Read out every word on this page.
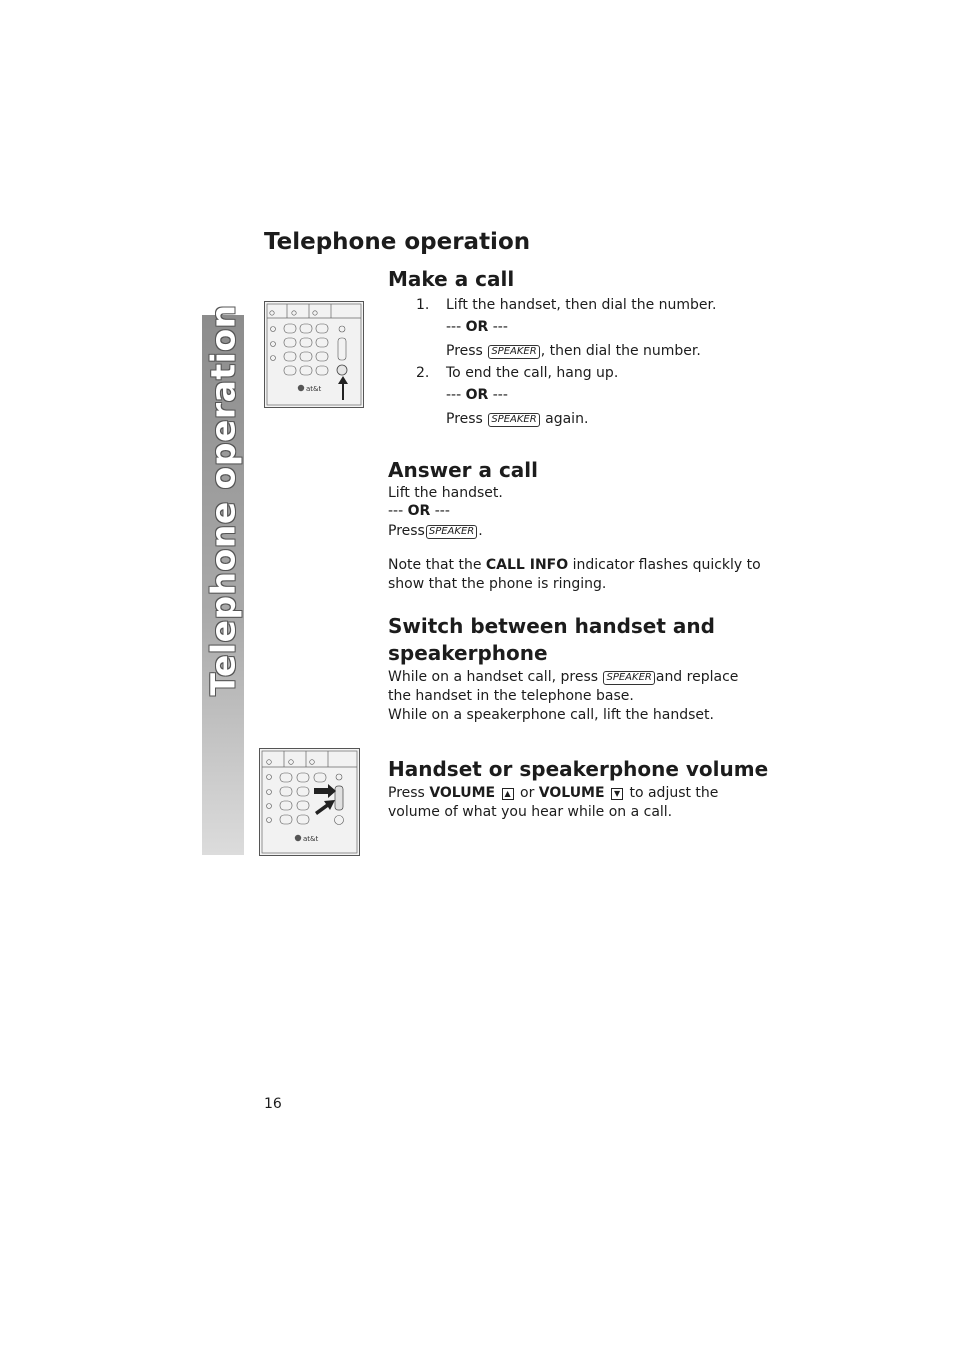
Telephone operation
Telephone operation
at&t
Make a call
1. Lift the handset, then dial the number.
--- OR ---
Press SPEAKER , then dial the number.
2. To end the call, hang up.
--- OR ---
Press SPEAKER again.
Answer a call
Lift the handset.
--- OR ---
Press SPEAKER .
Note that the CALL INFO indicator flashes quickly to
show that the phone is ringing.
Switch between handset and
speakerphone
While on a handset call, press SPEAKER and replace
the handset in the telephone base.
While on a speakerphone call, lift the handset.
at&t
Handset or speakerphone volume
Press VOLUME ▲ or VOLUME ▼ to adjust the
volume of what you hear while on a call.
16
